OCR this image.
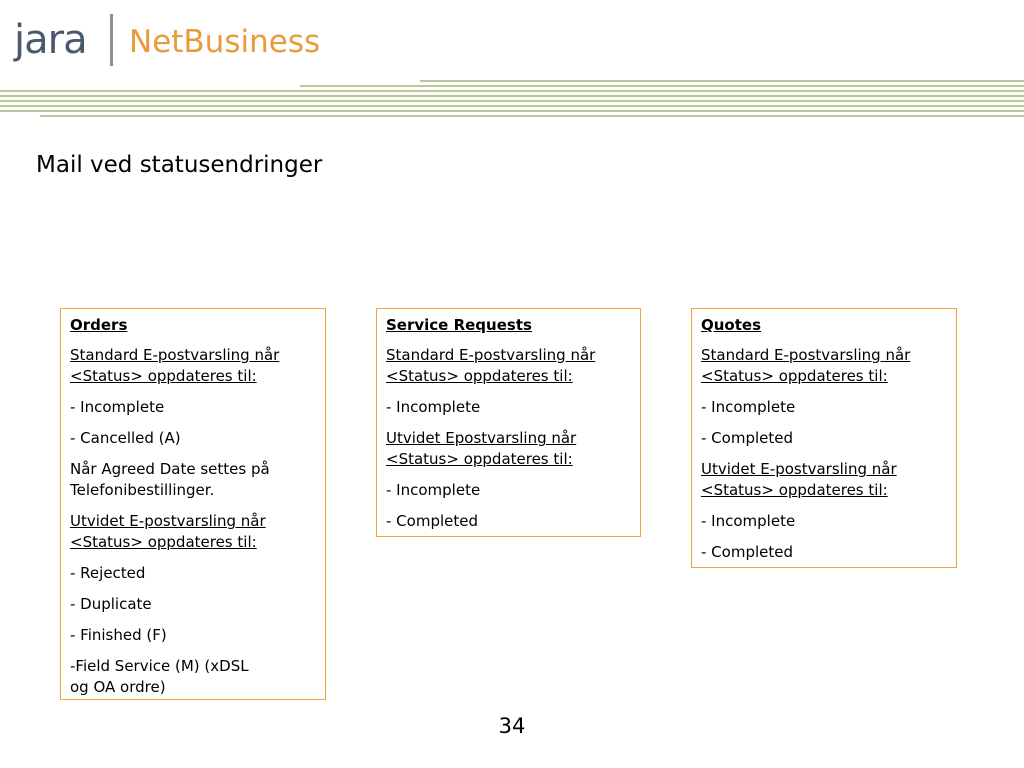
jara NetBusiness
Mail ved statusendringer

Orders

Standard E-postvarsling når <Status> oppdateres til:

- Incomplete

- Cancelled (A)

Når Agreed Date settes på Telefonibestillinger.

Utvidet E-postvarsling når <Status> oppdateres til:

- Rejected

- Duplicate

- Finished (F)

-Field Service (M) (xDSL
og OA ordre)

Service Requests

Standard E-postvarsling når <Status> oppdateres til:

- Incomplete

Utvidet Epostvarsling når <Status> oppdateres til:

- Incomplete

- Completed

Quotes

Standard E-postvarsling når <Status> oppdateres til:

- Incomplete

- Completed

Utvidet E-postvarsling når <Status> oppdateres til:

- Incomplete

- Completed

34
